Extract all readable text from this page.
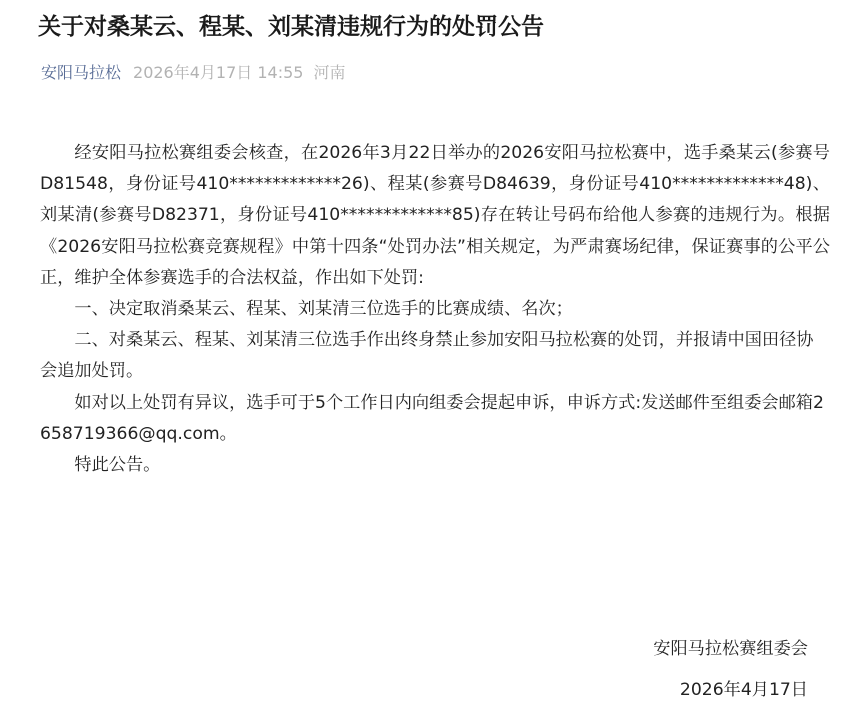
关于对桑某云、程某、刘某清违规行为的处罚公告
安阳马拉松 2026年4月17日 14:55 河南

经安阳马拉松赛组委会核查，在2026年3月22日举办的2026安阳马拉松赛中，选手桑某云(参赛号D81548，身份证号410*************26)、程某(参赛号D84639，身份证号410*************48)、刘某清(参赛号D82371，身份证号410*************85)存在转让号码布给他人参赛的违规行为。根据《2026安阳马拉松赛竞赛规程》中第十四条“处罚办法”相关规定，为严肃赛场纪律，保证赛事的公平公正，维护全体参赛选手的合法权益，作出如下处罚:

一、决定取消桑某云、程某、刘某清三位选手的比赛成绩、名次；

二、对桑某云、程某、刘某清三位选手作出终身禁止参加安阳马拉松赛的处罚，并报请中国田径协会追加处罚。

如对以上处罚有异议，选手可于5个工作日内向组委会提起申诉，申诉方式:发送邮件至组委会邮箱2658719366@qq.com。

特此公告。

安阳马拉松赛组委会
2026年4月17日
